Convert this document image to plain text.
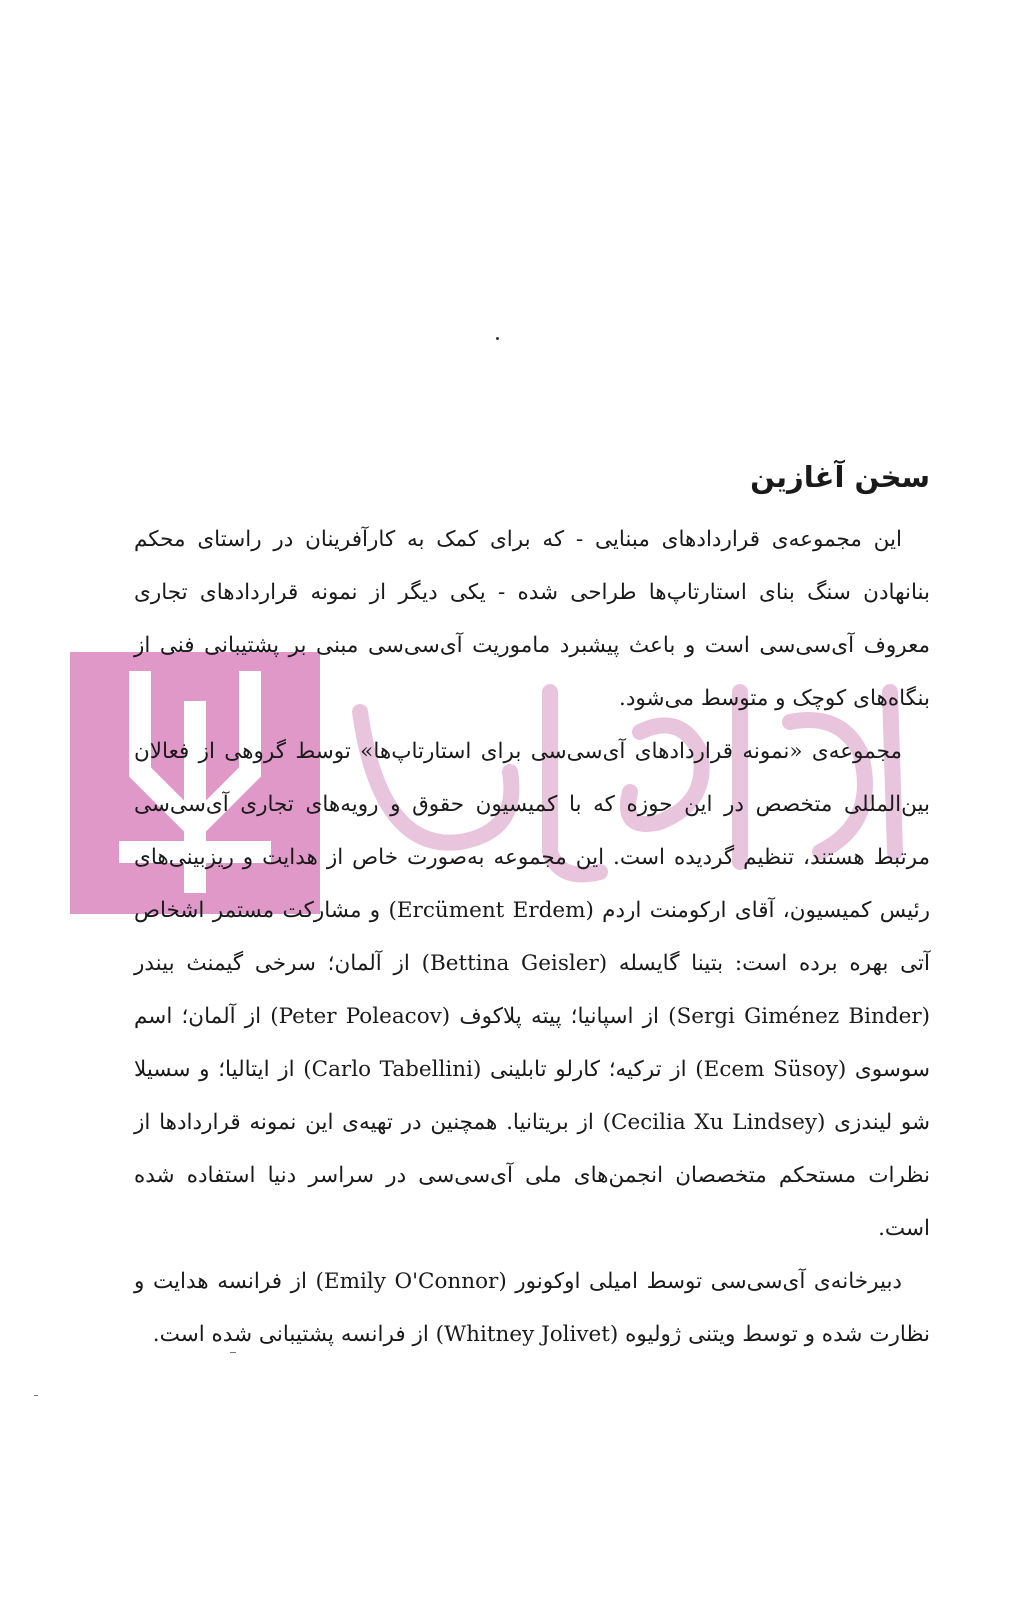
سخن آغازین

این مجموعه‌ی قراردادهای مبنایی - که برای کمک به کارآفرینان در راستای محکم بنانهادن سنگ بنای استارتاپ‌ها طراحی شده - یکی دیگر از نمونه قراردادهای تجاری معروف آی‌سی‌سی است و باعث پیشبرد ماموریت آی‌سی‌سی مبنی بر پشتیبانی فنی از بنگاه‌های کوچک و متوسط می‌شود.

مجموعه‌ی «نمونه قراردادهای آی‌سی‌سی برای استارتاپ‌ها» توسط گروهی از فعالان بین‌المللی متخصص در این حوزه که با کمیسیون حقوق و رویه‌های تجاری آی‌سی‌سی مرتبط هستند، تنظیم گردیده است. این مجموعه به‌صورت خاص از هدایت و ریزبینی‌های رئیس کمیسیون، آقای ارکومنت اردم (Ercüment Erdem) و مشارکت مستمر اشخاص آتی بهره برده است: بتینا گایسله (Bettina Geisler) از آلمان؛ سرخی گیمنث بیندر (Sergi Giménez Binder) از اسپانیا؛ پیته پلاکوف (Peter Poleacov) از آلمان؛ اسم سوسوی (Ecem Süsoy) از ترکیه؛ کارلو تابلینی (Carlo Tabellini) از ایتالیا؛ و سسیلا شو لیندزی (Cecilia Xu Lindsey) از بریتانیا. همچنین در تهیه‌ی این نمونه قراردادها از نظرات مستحکم متخصصان انجمن‌های ملی آی‌سی‌سی در سراسر دنیا استفاده شده است.

دبیرخانه‌ی آی‌سی‌سی توسط امیلی اوکونور (Emily O'Connor) از فرانسه هدایت و نظارت شده و توسط ویتنی ژولیوه (Whitney Jolivet) از فرانسه پشتیبانی شده است.
